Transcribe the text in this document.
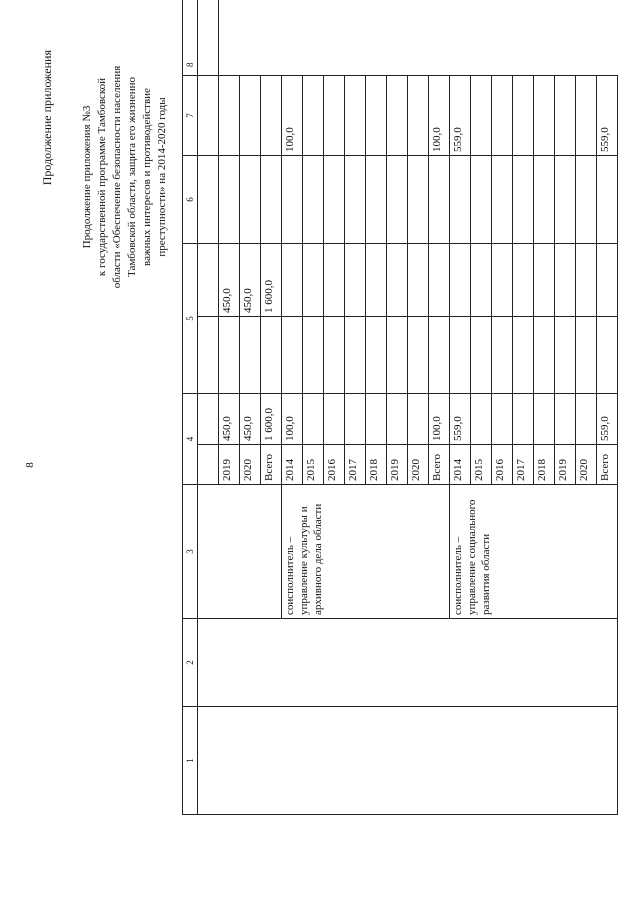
8
Продолжение приложения Продолжение приложения №3 к государственной программе Тамбовской области «Обеспечение безопасности населения Тамбовской области, защита его жизненно важных интересов и противодействие преступности» на 2014-2020 годы
1	2	3	4		5		6	7	8

			2019	450,0		450,0			
			2020	450,0		450,0			
			Всего	1 600,0		1 600,0			
		соисполнитель – управление культуры и архивного дела области	2014	100,0				100,0	
			2015						
			2016						
			2017						
			2018						
			2019						
			2020						
			Всего	100,0				100,0	
		соисполнитель – управление социального развития области	2014	559,0				559,0	
			2015						
			2016						
			2017						
			2018						
			2019						
			2020						
			Всего	559,0				559,0	
